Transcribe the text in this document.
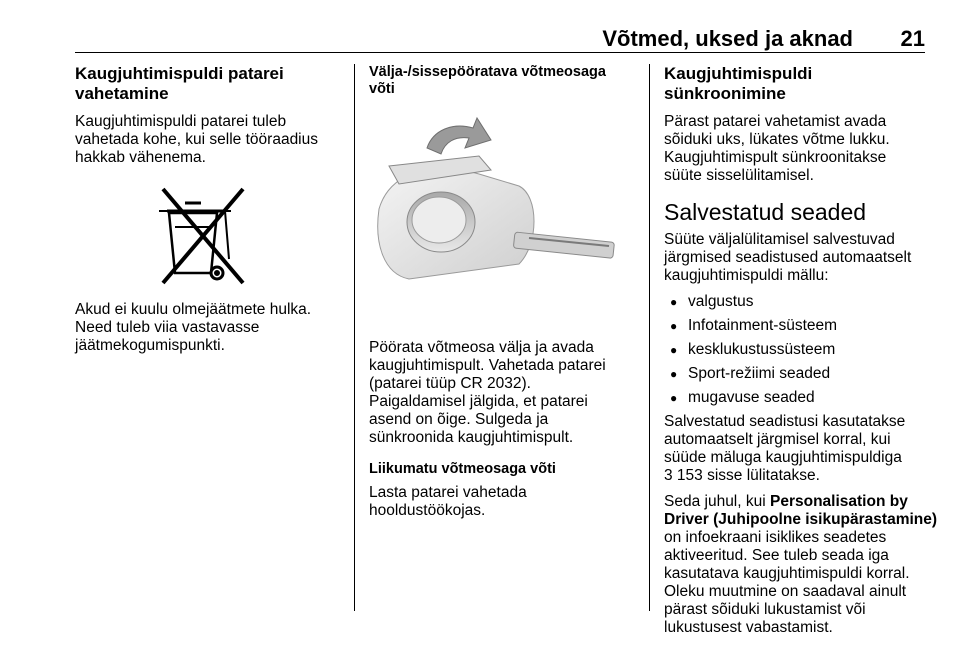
Võtmed, uksed ja aknad 21
Kaugjuhtimispuldi patarei
vahetamine

Kaugjuhtimispuldi patarei tuleb
vahetada kohe, kui selle tööraadius
hakkab vähenema.

Akud ei kuulu olmejäätmete hulka.
Need tuleb viia vastavasse
jäätmekogumispunkti.

Välja-/sissepööratava võtmeosaga
võti

Pöörata võtmeosa välja ja avada
kaugjuhtimispult. Vahetada patarei
(patarei tüüp CR 2032).
Paigaldamisel jälgida, et patarei
asend on õige. Sulgeda ja
sünkroonida kaugjuhtimispult.

Liikumatu võtmeosaga võti

Lasta patarei vahetada
hooldustöökojas.

Kaugjuhtimispuldi sünkroonimine

Pärast patarei vahetamist avada
sõiduki uks, lükates võtme lukku.
Kaugjuhtimispult sünkroonitakse
süüte sisselülitamisel.

Salvestatud seaded

Süüte väljalülitamisel salvestuvad
järgmised seadistused automaatselt
kaugjuhtimispuldi mällu:

● valgustus
● Infotainment-süsteem
● kesklukustussüsteem
● Sport-režiimi seaded
● mugavuse seaded

Salvestatud seadistusi kasutatakse
automaatselt järgmisel korral, kui
süüde mäluga kaugjuhtimispuldiga
3 153 sisse lülitatakse.

Seda juhul, kui Personalisation by
Driver (Juhipoolne isikupärastamine)
on infoekraani isiklikes seadetes
aktiveeritud. See tuleb seada iga
kasutatava kaugjuhtimispuldi korral.
Oleku muutmine on saadaval ainult
pärast sõiduki lukustamist või
lukustusest vabastamist.
